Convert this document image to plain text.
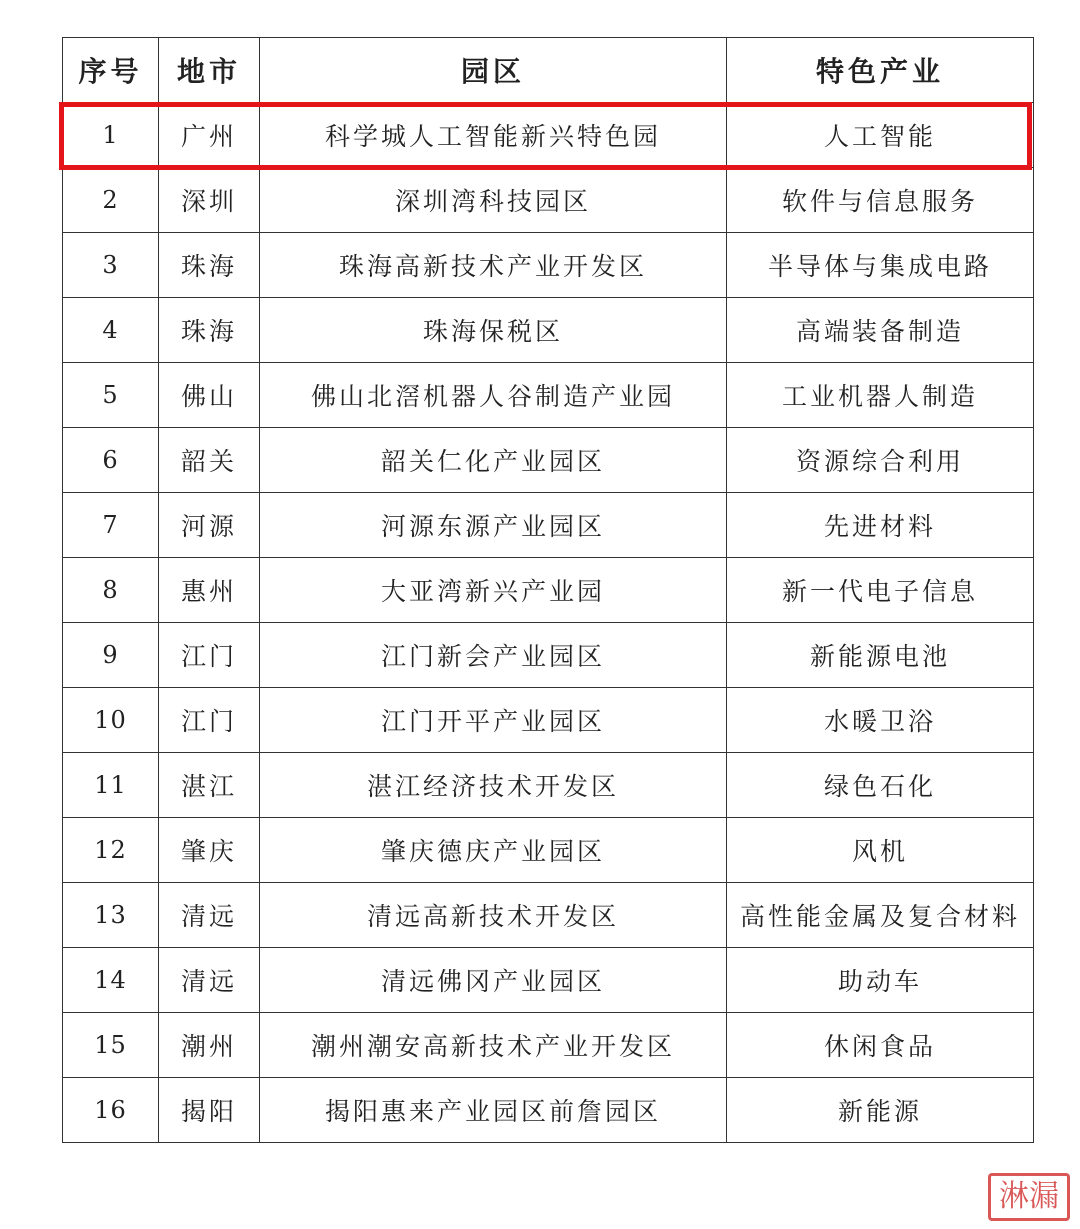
序号	地市	园区	特色产业
1	广州	科学城人工智能新兴特色园	人工智能
2	深圳	深圳湾科技园区	软件与信息服务
3	珠海	珠海高新技术产业开发区	半导体与集成电路
4	珠海	珠海保税区	高端装备制造
5	佛山	佛山北滘机器人谷制造产业园	工业机器人制造
6	韶关	韶关仁化产业园区	资源综合利用
7	河源	河源东源产业园区	先进材料
8	惠州	大亚湾新兴产业园	新一代电子信息
9	江门	江门新会产业园区	新能源电池
10	江门	江门开平产业园区	水暖卫浴
11	湛江	湛江经济技术开发区	绿色石化
12	肇庆	肇庆德庆产业园区	风机
13	清远	清远高新技术开发区	高性能金属及复合材料
14	清远	清远佛冈产业园区	助动车
15	潮州	潮州潮安高新技术产业开发区	休闲食品
16	揭阳	揭阳惠来产业园区前詹园区	新能源
淋漏
